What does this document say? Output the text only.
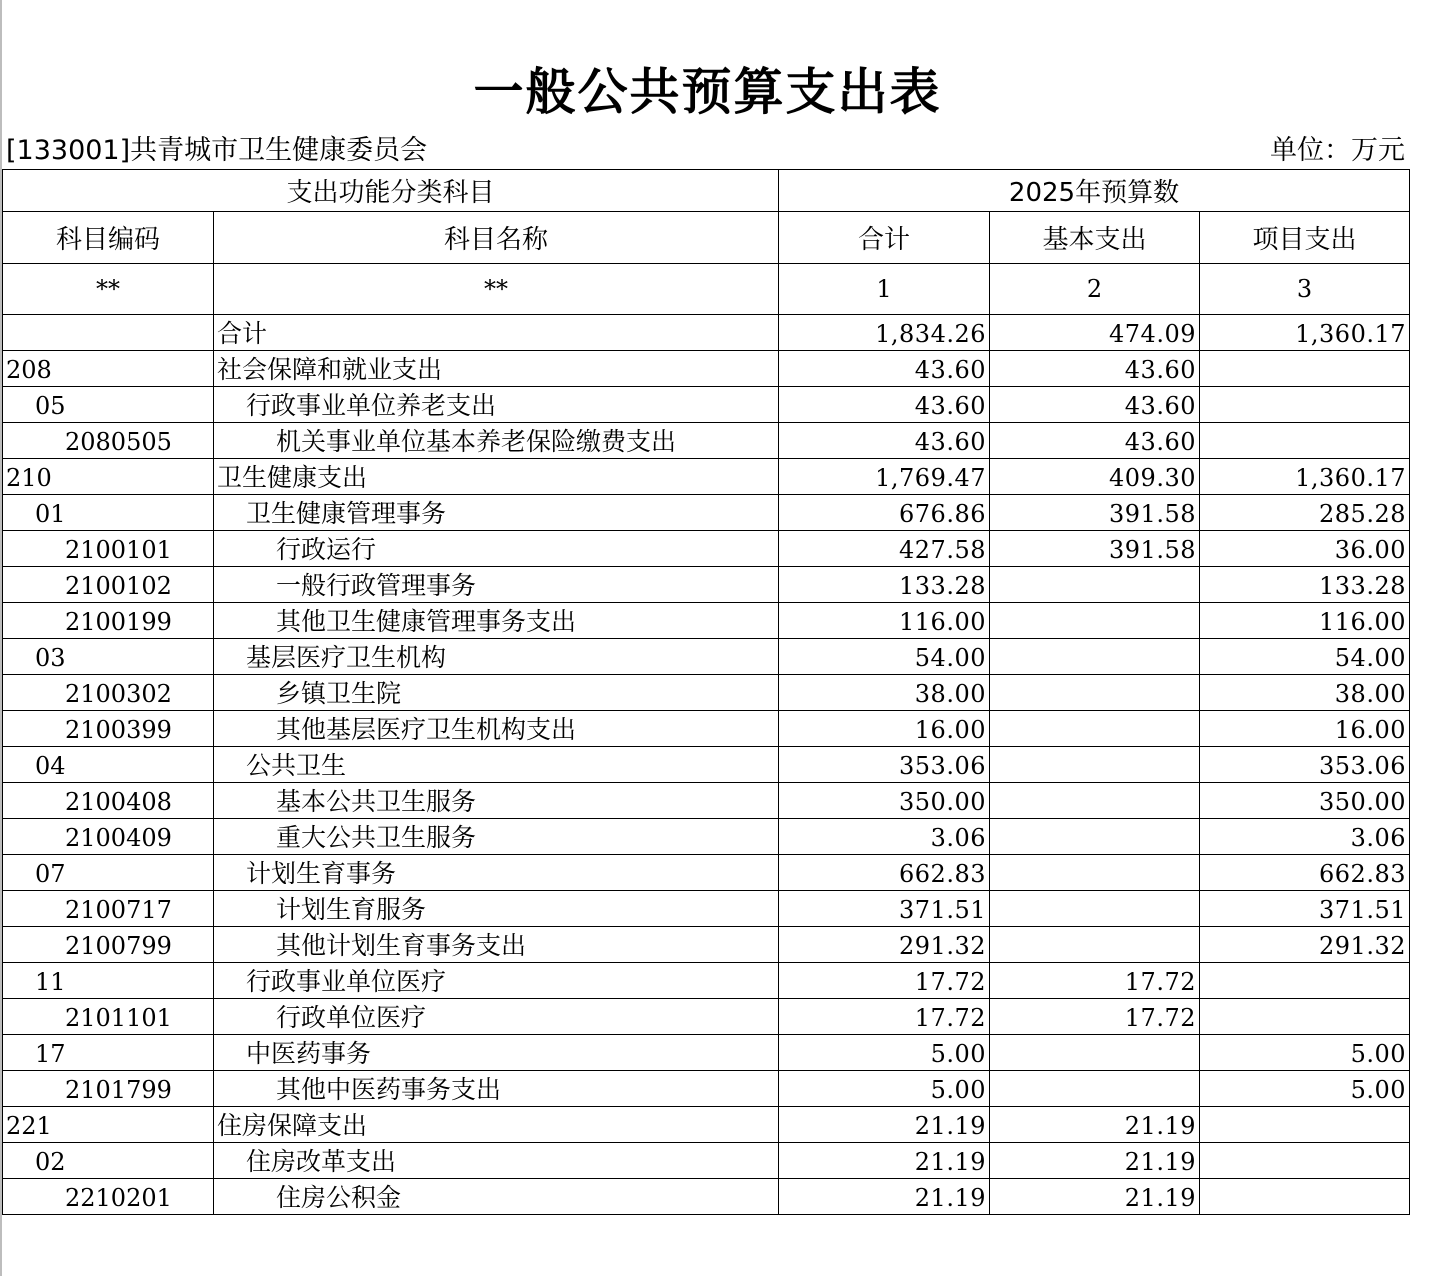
一般公共预算支出表
[133001]共青城市卫生健康委员会	单位：万元
支出功能分类科目		2025年预算数		
科目编码	科目名称	合计	基本支出	项目支出
**	**	1	2	3
	合计	1,834.26	474.09	1,360.17
208	社会保障和就业支出	43.60	43.60	
05	行政事业单位养老支出	43.60	43.60	
2080505	机关事业单位基本养老保险缴费支出	43.60	43.60	
210	卫生健康支出	1,769.47	409.30	1,360.17
01	卫生健康管理事务	676.86	391.58	285.28
2100101	行政运行	427.58	391.58	36.00
2100102	一般行政管理事务	133.28		133.28
2100199	其他卫生健康管理事务支出	116.00		116.00
03	基层医疗卫生机构	54.00		54.00
2100302	乡镇卫生院	38.00		38.00
2100399	其他基层医疗卫生机构支出	16.00		16.00
04	公共卫生	353.06		353.06
2100408	基本公共卫生服务	350.00		350.00
2100409	重大公共卫生服务	3.06		3.06
07	计划生育事务	662.83		662.83
2100717	计划生育服务	371.51		371.51
2100799	其他计划生育事务支出	291.32		291.32
11	行政事业单位医疗	17.72	17.72	
2101101	行政单位医疗	17.72	17.72	
17	中医药事务	5.00		5.00
2101799	其他中医药事务支出	5.00		5.00
221	住房保障支出	21.19	21.19	
02	住房改革支出	21.19	21.19	
2210201	住房公积金	21.19	21.19	
